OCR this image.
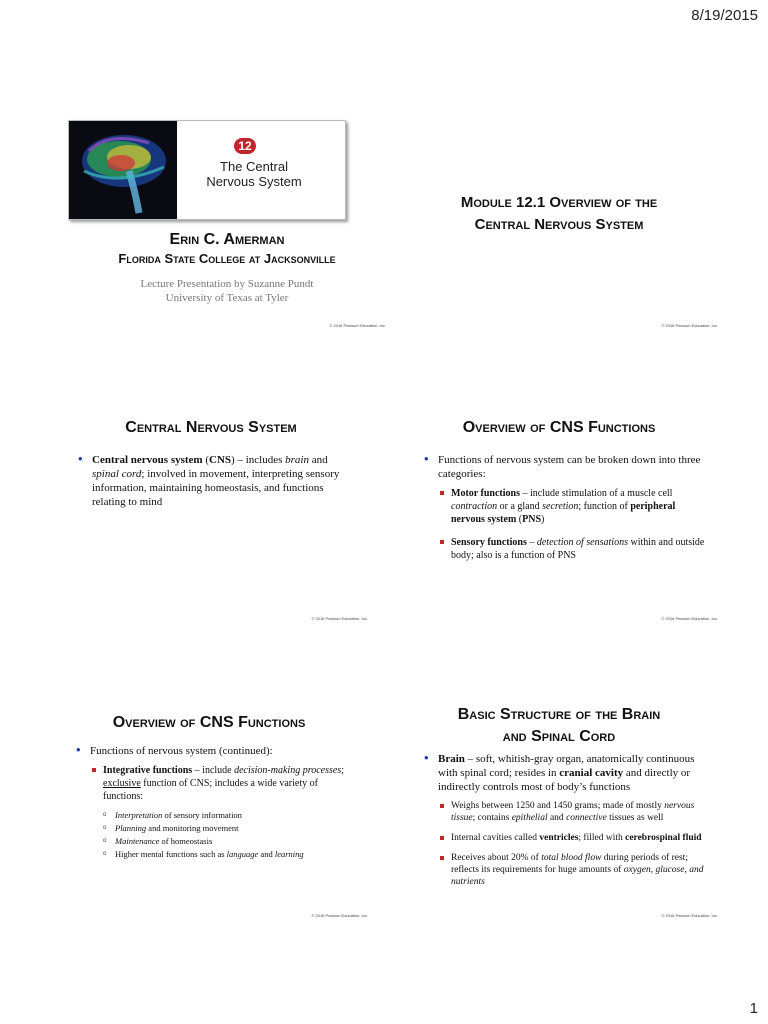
8/19/2015
12
The Central
Nervous System
Erin C. Amerman
Florida State College at Jacksonville
Lecture Presentation by Suzanne Pundt
University of Texas at Tyler
© 2016 Pearson Education, Inc.
Module 12.1 Overview of the
Central Nervous System
© 2016 Pearson Education, Inc.
Central Nervous System
• Central nervous system (CNS) – includes brain and spinal cord; involved in movement, interpreting sensory information, maintaining homeostasis, and functions relating to mind
© 2016 Pearson Education, Inc.
Overview of CNS Functions
• Functions of nervous system can be broken down into three categories:
Motor functions – include stimulation of a muscle cell contraction or a gland secretion; function of peripheral nervous system (PNS)
Sensory functions – detection of sensations within and outside body; also is a function of PNS
© 2016 Pearson Education, Inc.
Overview of CNS Functions
• Functions of nervous system (continued):
Integrative functions – include decision-making processes; exclusive function of CNS; includes a wide variety of functions:
o Interpretation of sensory information
o Planning and monitoring movement
o Maintenance of homeostasis
o Higher mental functions such as language and learning
© 2016 Pearson Education, Inc.
Basic Structure of the Brain
and Spinal Cord
• Brain – soft, whitish-gray organ, anatomically continuous with spinal cord; resides in cranial cavity and directly or indirectly controls most of body’s functions
Weighs between 1250 and 1450 grams; made of mostly nervous tissue; contains epithelial and connective tissues as well
Internal cavities called ventricles; filled with cerebrospinal fluid
Receives about 20% of total blood flow during periods of rest; reflects its requirements for huge amounts of oxygen, glucose, and nutrients
© 2016 Pearson Education, Inc.
1
